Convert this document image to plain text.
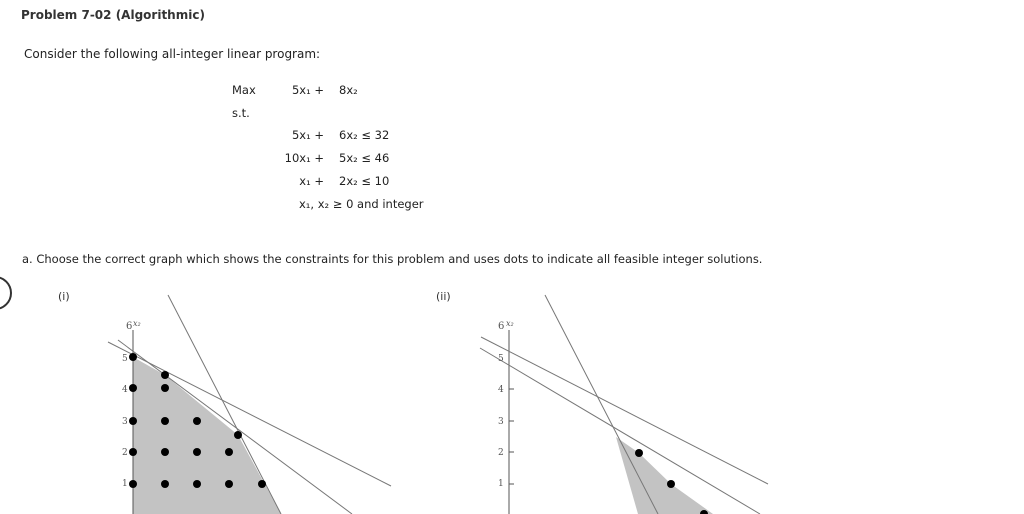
Problem 7-02 (Algorithmic)
Consider the following all-integer linear program:
Max	5x₁ + 8x₂
s.t.
5x₁ + 6x₂ ≤ 32
10x₁ + 5x₂ ≤ 46
x₁ + 2x₂ ≤ 10
x₁, x₂ ≥ 0 and integer
a. Choose the correct graph which shows the constraints for this problem and uses dots to indicate all feasible integer solutions.
(i)	(ii)
6 x₂
5
4
3
2
1
6 x₂
5
4
3
2
1
